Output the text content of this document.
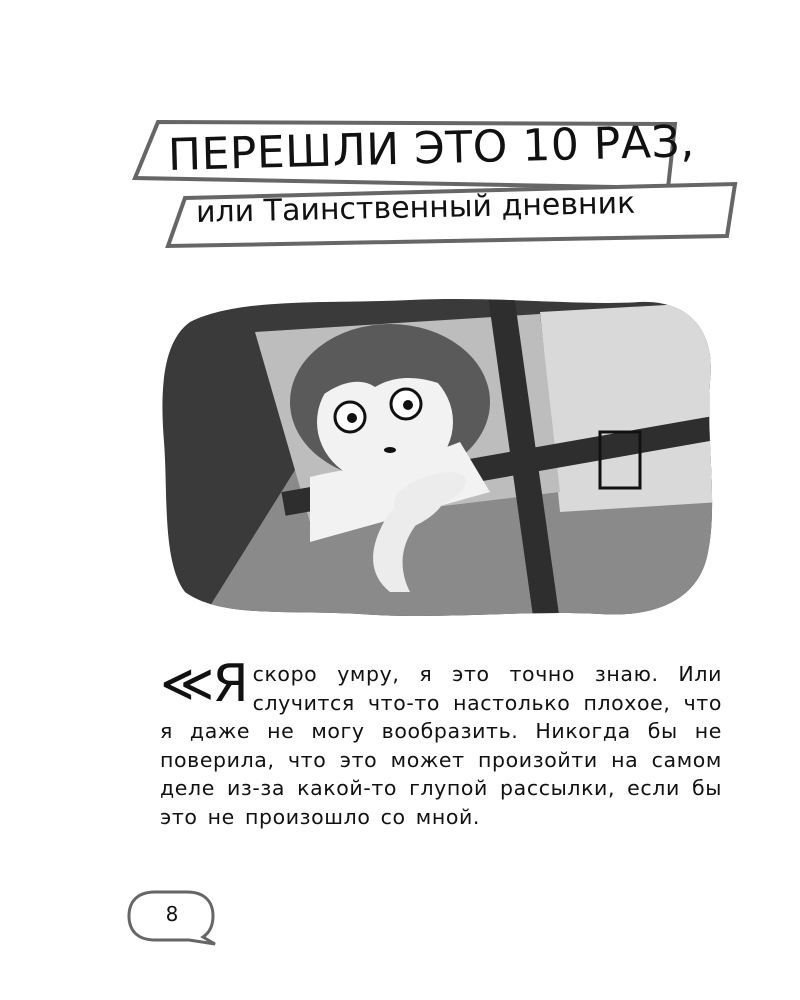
ПЕРЕШЛИ ЭТО 10 РАЗ,
или Таинственный дневник
≪Я скоро умру, я это точно знаю. Или случится что-то настолько плохое, что я даже не могу вообразить. Никогда бы не поверила, что это может произойти на самом деле из-за какой-то глупой рассылки, если бы это не произошло со мной.
8
